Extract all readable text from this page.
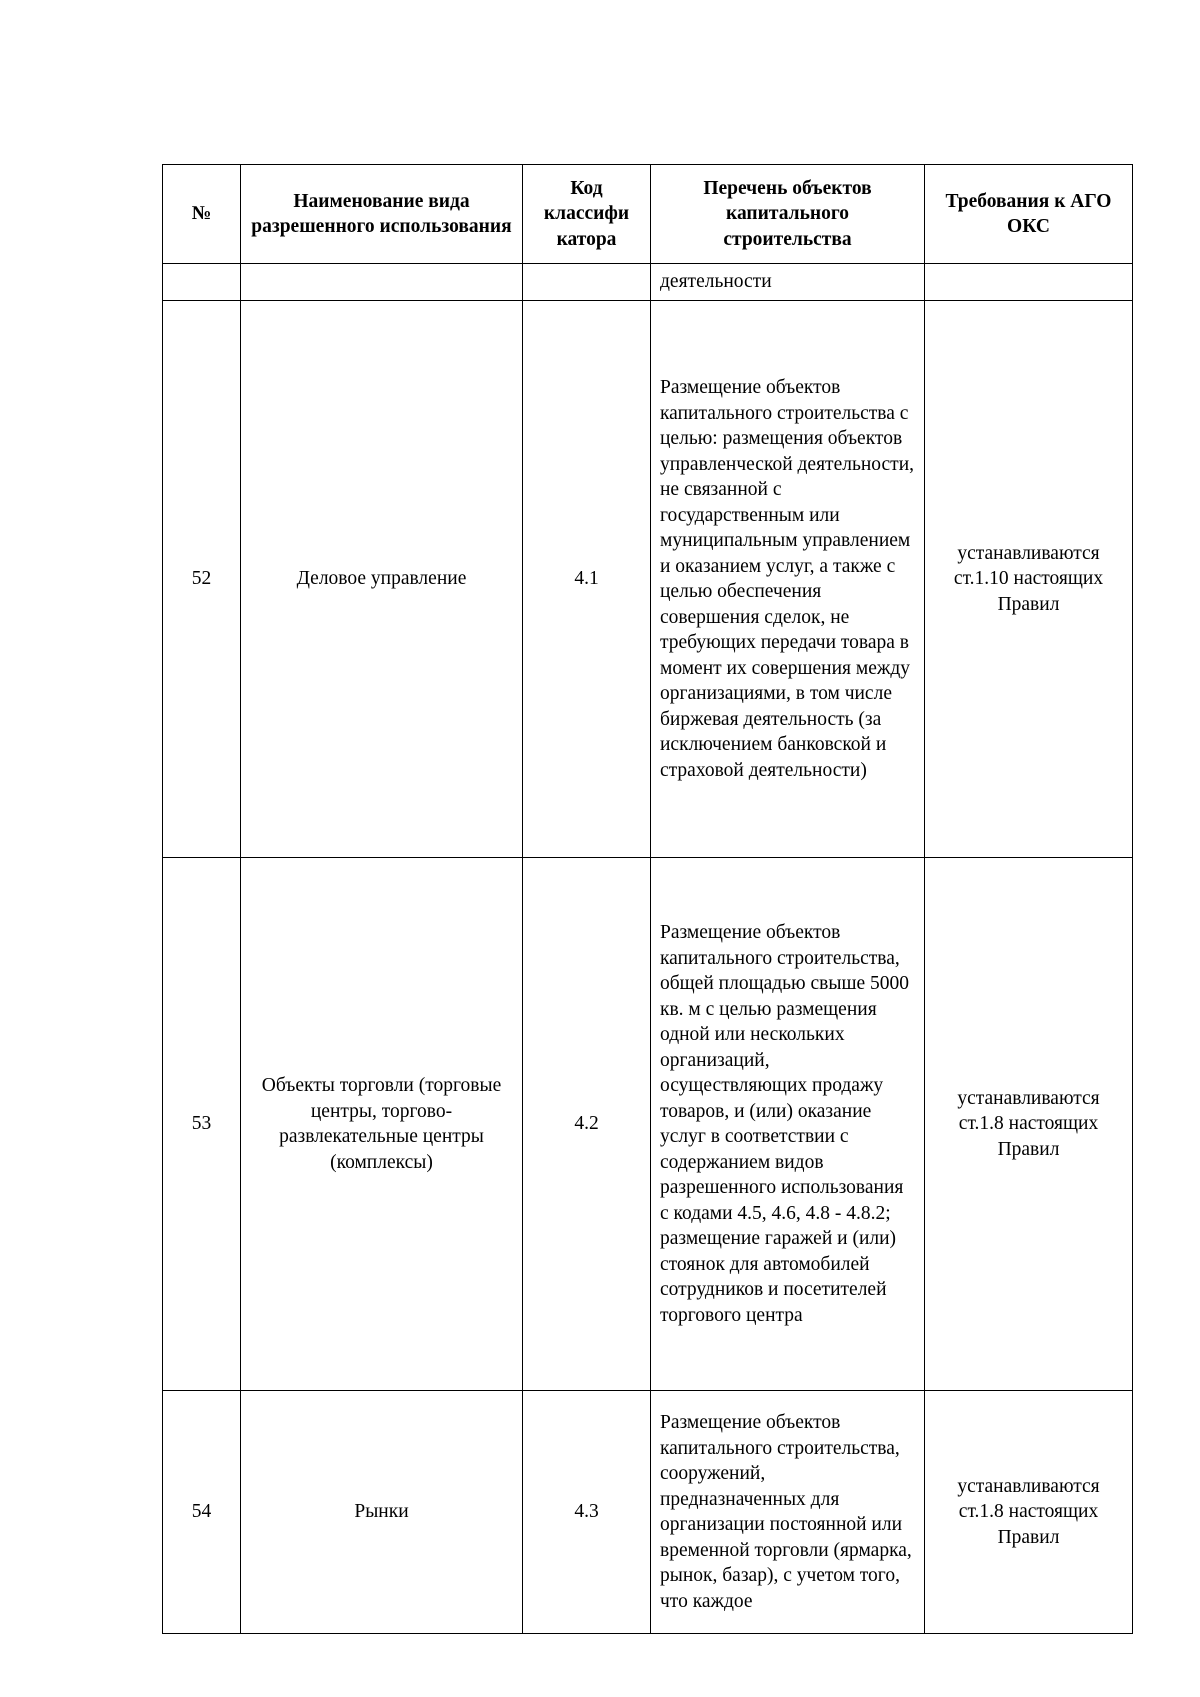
№	Наименование вида разрешенного использования	Код классифи катора	Перечень объектов капитального строительства	Требования к АГО ОКС
			деятельности	
52	Деловое управление	4.1	Размещение объектов капитального строительства с целью: размещения объектов управленческой деятельности, не связанной с государственным или муниципальным управлением и оказанием услуг, а также с целью обеспечения совершения сделок, не требующих передачи товара в момент их совершения между организациями, в том числе биржевая деятельность (за исключением банковской и страховой деятельности)	устанавливаются ст.1.10 настоящих Правил
53	Объекты торговли (торговые центры, торгово-развлекательные центры (комплексы)	4.2	Размещение объектов капитального строительства, общей площадью свыше 5000 кв. м с целью размещения одной или нескольких организаций, осуществляющих продажу товаров, и (или) оказание услуг в соответствии с содержанием видов разрешенного использования с кодами 4.5, 4.6, 4.8 - 4.8.2; размещение гаражей и (или) стоянок для автомобилей сотрудников и посетителей торгового центра	устанавливаются ст.1.8 настоящих Правил
54	Рынки	4.3	Размещение объектов капитального строительства, сооружений, предназначенных для организации постоянной или временной торговли (ярмарка, рынок, базар), с учетом того, что каждое	устанавливаются ст.1.8 настоящих Правил
